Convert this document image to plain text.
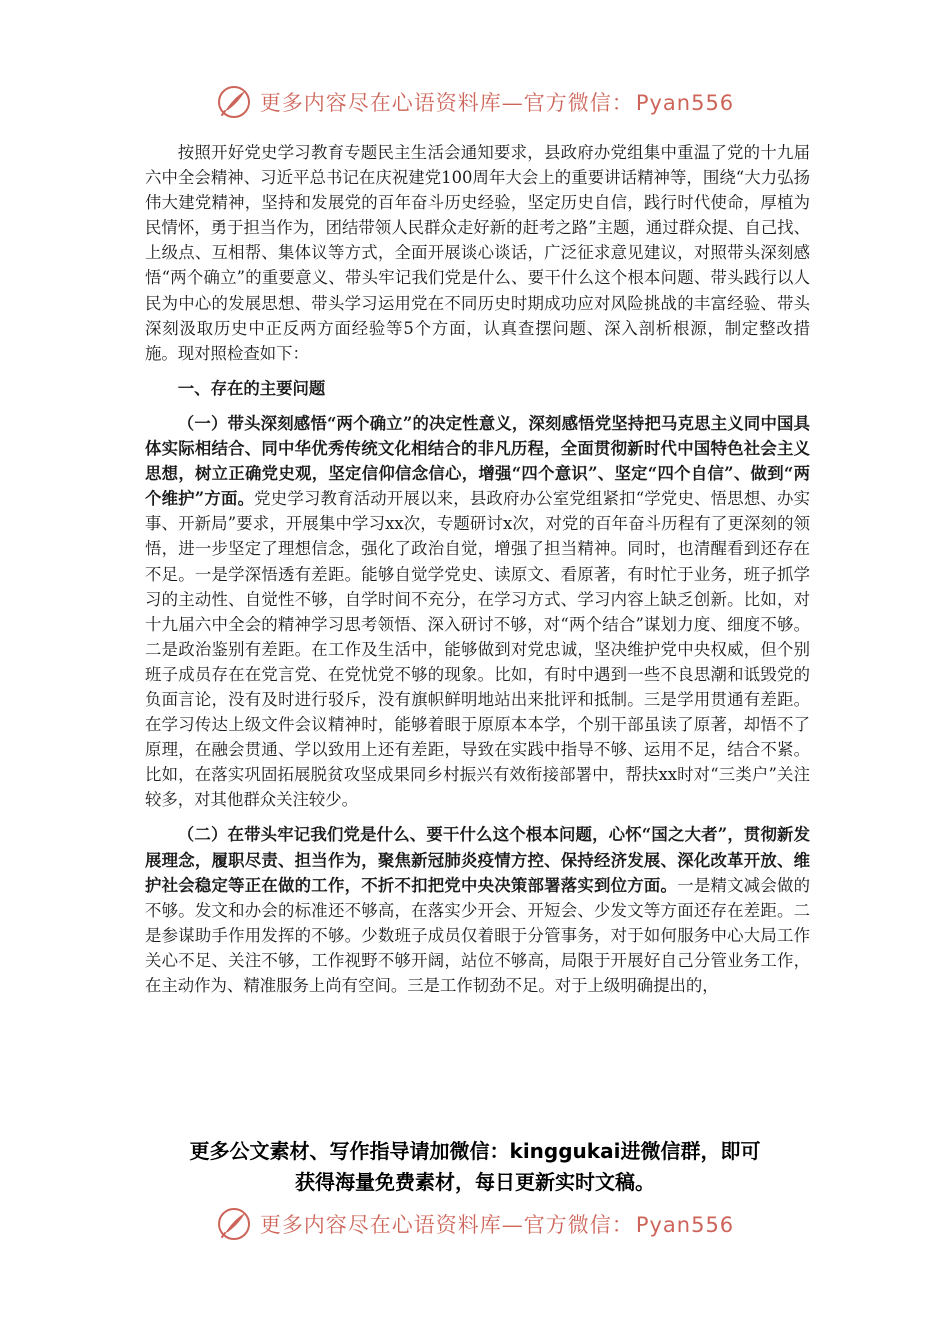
更多内容尽在心语资料库—官方微信：Pyan556

按照开好党史学习教育专题民主生活会通知要求，县政府办党组集中重温了党的十九届六中全会精神、习近平总书记在庆祝建党100周年大会上的重要讲话精神等，围绕“大力弘扬伟大建党精神，坚持和发展党的百年奋斗历史经验，坚定历史自信，践行时代使命，厚植为民情怀，勇于担当作为，团结带领人民群众走好新的赶考之路”主题，通过群众提、自己找、上级点、互相帮、集体议等方式，全面开展谈心谈话，广泛征求意见建议，对照带头深刻感悟“两个确立”的重要意义、带头牢记我们党是什么、要干什么这个根本问题、带头践行以人民为中心的发展思想、带头学习运用党在不同历史时期成功应对风险挑战的丰富经验、带头深刻汲取历史中正反两方面经验等5个方面，认真查摆问题、深入剖析根源，制定整改措施。现对照检查如下：

一、存在的主要问题

（一）带头深刻感悟“两个确立”的决定性意义，深刻感悟党坚持把马克思主义同中国具体实际相结合、同中华优秀传统文化相结合的非凡历程，全面贯彻新时代中国特色社会主义思想，树立正确党史观，坚定信仰信念信心，增强“四个意识”、坚定“四个自信”、做到“两个维护”方面。党史学习教育活动开展以来，县政府办公室党组紧扣“学党史、悟思想、办实事、开新局”要求，开展集中学习xx次，专题研讨x次，对党的百年奋斗历程有了更深刻的领悟，进一步坚定了理想信念，强化了政治自觉，增强了担当精神。同时，也清醒看到还存在不足。一是学深悟透有差距。能够自觉学党史、读原文、看原著，有时忙于业务，班子抓学习的主动性、自觉性不够，自学时间不充分，在学习方式、学习内容上缺乏创新。比如，对十九届六中全会的精神学习思考领悟、深入研讨不够，对“两个结合”谋划力度、细度不够。二是政治鉴别有差距。在工作及生活中，能够做到对党忠诚，坚决维护党中央权威，但个别班子成员存在在党言党、在党忧党不够的现象。比如，有时中遇到一些不良思潮和诋毁党的负面言论，没有及时进行驳斥，没有旗帜鲜明地站出来批评和抵制。三是学用贯通有差距。在学习传达上级文件会议精神时，能够着眼于原原本本学，个别干部虽读了原著，却悟不了原理，在融会贯通、学以致用上还有差距，导致在实践中指导不够、运用不足，结合不紧。比如，在落实巩固拓展脱贫攻坚成果同乡村振兴有效衔接部署中，帮扶xx时对“三类户”关注较多，对其他群众关注较少。

（二）在带头牢记我们党是什么、要干什么这个根本问题，心怀“国之大者”，贯彻新发展理念，履职尽责、担当作为，聚焦新冠肺炎疫情方控、保持经济发展、深化改革开放、维护社会稳定等正在做的工作，不折不扣把党中央决策部署落实到位方面。一是精文减会做的不够。发文和办会的标准还不够高，在落实少开会、开短会、少发文等方面还存在差距。二是参谋助手作用发挥的不够。少数班子成员仅着眼于分管事务，对于如何服务中心大局工作关心不足、关注不够，工作视野不够开阔，站位不够高，局限于开展好自己分管业务工作，在主动作为、精准服务上尚有空间。三是工作韧劲不足。对于上级明确提出的，

更多公文素材、写作指导请加微信：kinggukai进微信群，即可
获得海量免费素材，每日更新实时文稿。
更多内容尽在心语资料库—官方微信：Pyan556
